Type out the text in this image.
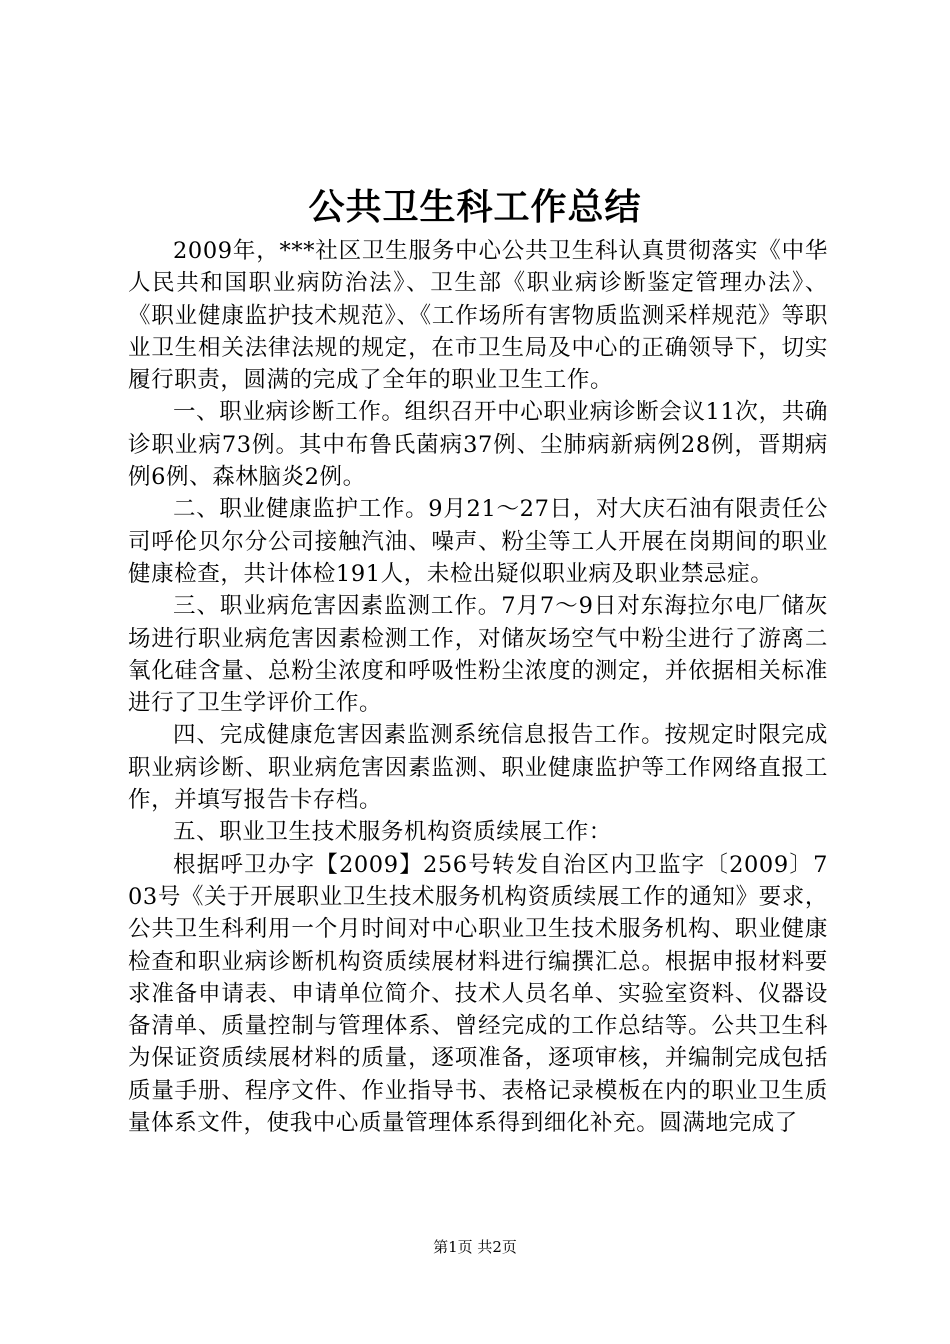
公共卫生科工作总结

2009年，***社区卫生服务中心公共卫生科认真贯彻落实《中华人民共和国职业病防治法》、卫生部《职业病诊断鉴定管理办法》、《职业健康监护技术规范》、《工作场所有害物质监测采样规范》等职业卫生相关法律法规的规定，在市卫生局及中心的正确领导下，切实履行职责，圆满的完成了全年的职业卫生工作。

一、职业病诊断工作。组织召开中心职业病诊断会议11次，共确诊职业病73例。其中布鲁氏菌病37例、尘肺病新病例28例，晋期病例6例、森林脑炎2例。

二、职业健康监护工作。9月21～27日，对大庆石油有限责任公司呼伦贝尔分公司接触汽油、噪声、粉尘等工人开展在岗期间的职业健康检查，共计体检191人，未检出疑似职业病及职业禁忌症。

三、职业病危害因素监测工作。7月7～9日对东海拉尔电厂储灰场进行职业病危害因素检测工作，对储灰场空气中粉尘进行了游离二氧化硅含量、总粉尘浓度和呼吸性粉尘浓度的测定，并依据相关标准进行了卫生学评价工作。

四、完成健康危害因素监测系统信息报告工作。按规定时限完成职业病诊断、职业病危害因素监测、职业健康监护等工作网络直报工作，并填写报告卡存档。

五、职业卫生技术服务机构资质续展工作：

根据呼卫办字【2009】256号转发自治区内卫监字〔2009〕703号《关于开展职业卫生技术服务机构资质续展工作的通知》要求，公共卫生科利用一个月时间对中心职业卫生技术服务机构、职业健康检查和职业病诊断机构资质续展材料进行编撰汇总。根据申报材料要求准备申请表、申请单位简介、技术人员名单、实验室资料、仪器设备清单、质量控制与管理体系、曾经完成的工作总结等。公共卫生科为保证资质续展材料的质量，逐项准备，逐项审核，并编制完成包括质量手册、程序文件、作业指导书、表格记录模板在内的职业卫生质量体系文件，使我中心质量管理体系得到细化补充。圆满地完成了

第1页 共2页
